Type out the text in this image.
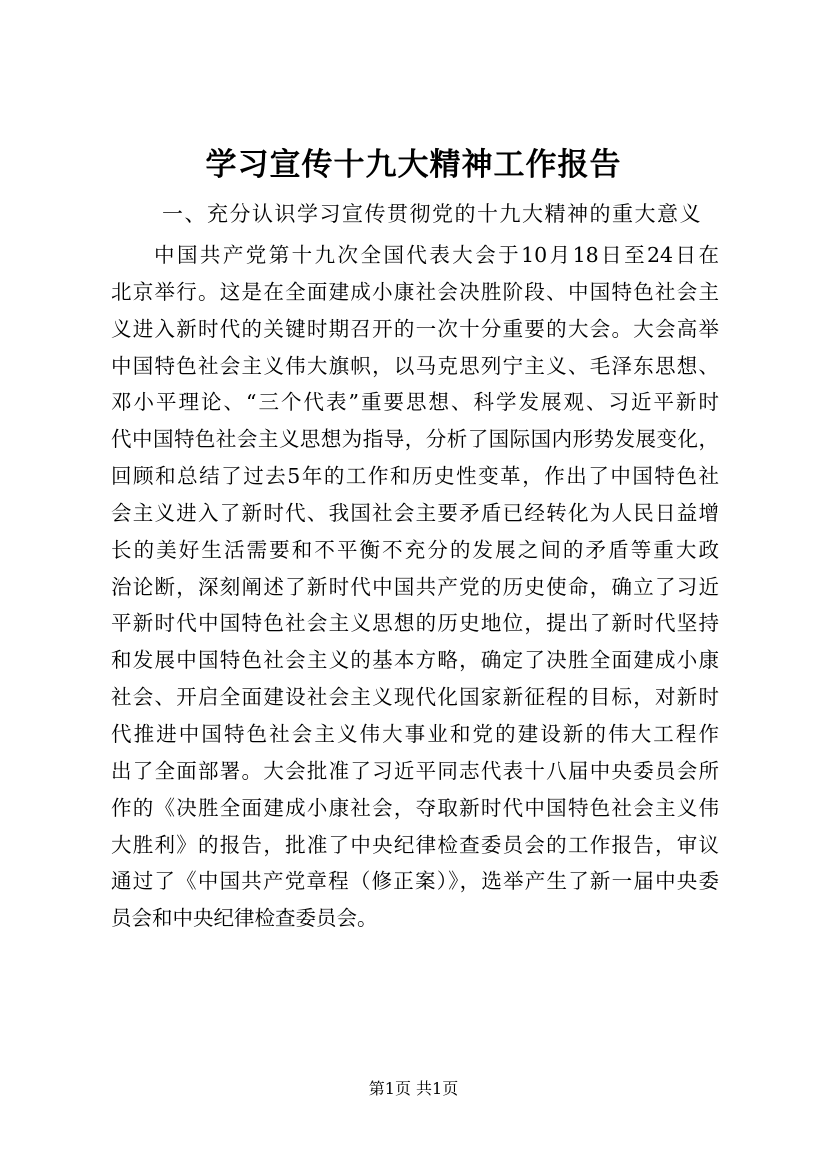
学习宣传十九大精神工作报告
一、充分认识学习宣传贯彻党的十九大精神的重大意义
中国共产党第十九次全国代表大会于10月18日至24日在
北京举行。这是在全面建成小康社会决胜阶段、中国特色社会主
义进入新时代的关键时期召开的一次十分重要的大会。大会高举
中国特色社会主义伟大旗帜，以马克思列宁主义、毛泽东思想、
邓小平理论、“三个代表”重要思想、科学发展观、习近平新时
代中国特色社会主义思想为指导，分析了国际国内形势发展变化，
回顾和总结了过去5年的工作和历史性变革，作出了中国特色社
会主义进入了新时代、我国社会主要矛盾已经转化为人民日益增
长的美好生活需要和不平衡不充分的发展之间的矛盾等重大政
治论断，深刻阐述了新时代中国共产党的历史使命，确立了习近
平新时代中国特色社会主义思想的历史地位，提出了新时代坚持
和发展中国特色社会主义的基本方略，确定了决胜全面建成小康
社会、开启全面建设社会主义现代化国家新征程的目标，对新时
代推进中国特色社会主义伟大事业和党的建设新的伟大工程作
出了全面部署。大会批准了习近平同志代表十八届中央委员会所
作的《决胜全面建成小康社会，夺取新时代中国特色社会主义伟
大胜利》的报告，批准了中央纪律检查委员会的工作报告，审议
通过了《中国共产党章程（修正案）》，选举产生了新一届中央委
员会和中央纪律检查委员会。
第1页 共1页
